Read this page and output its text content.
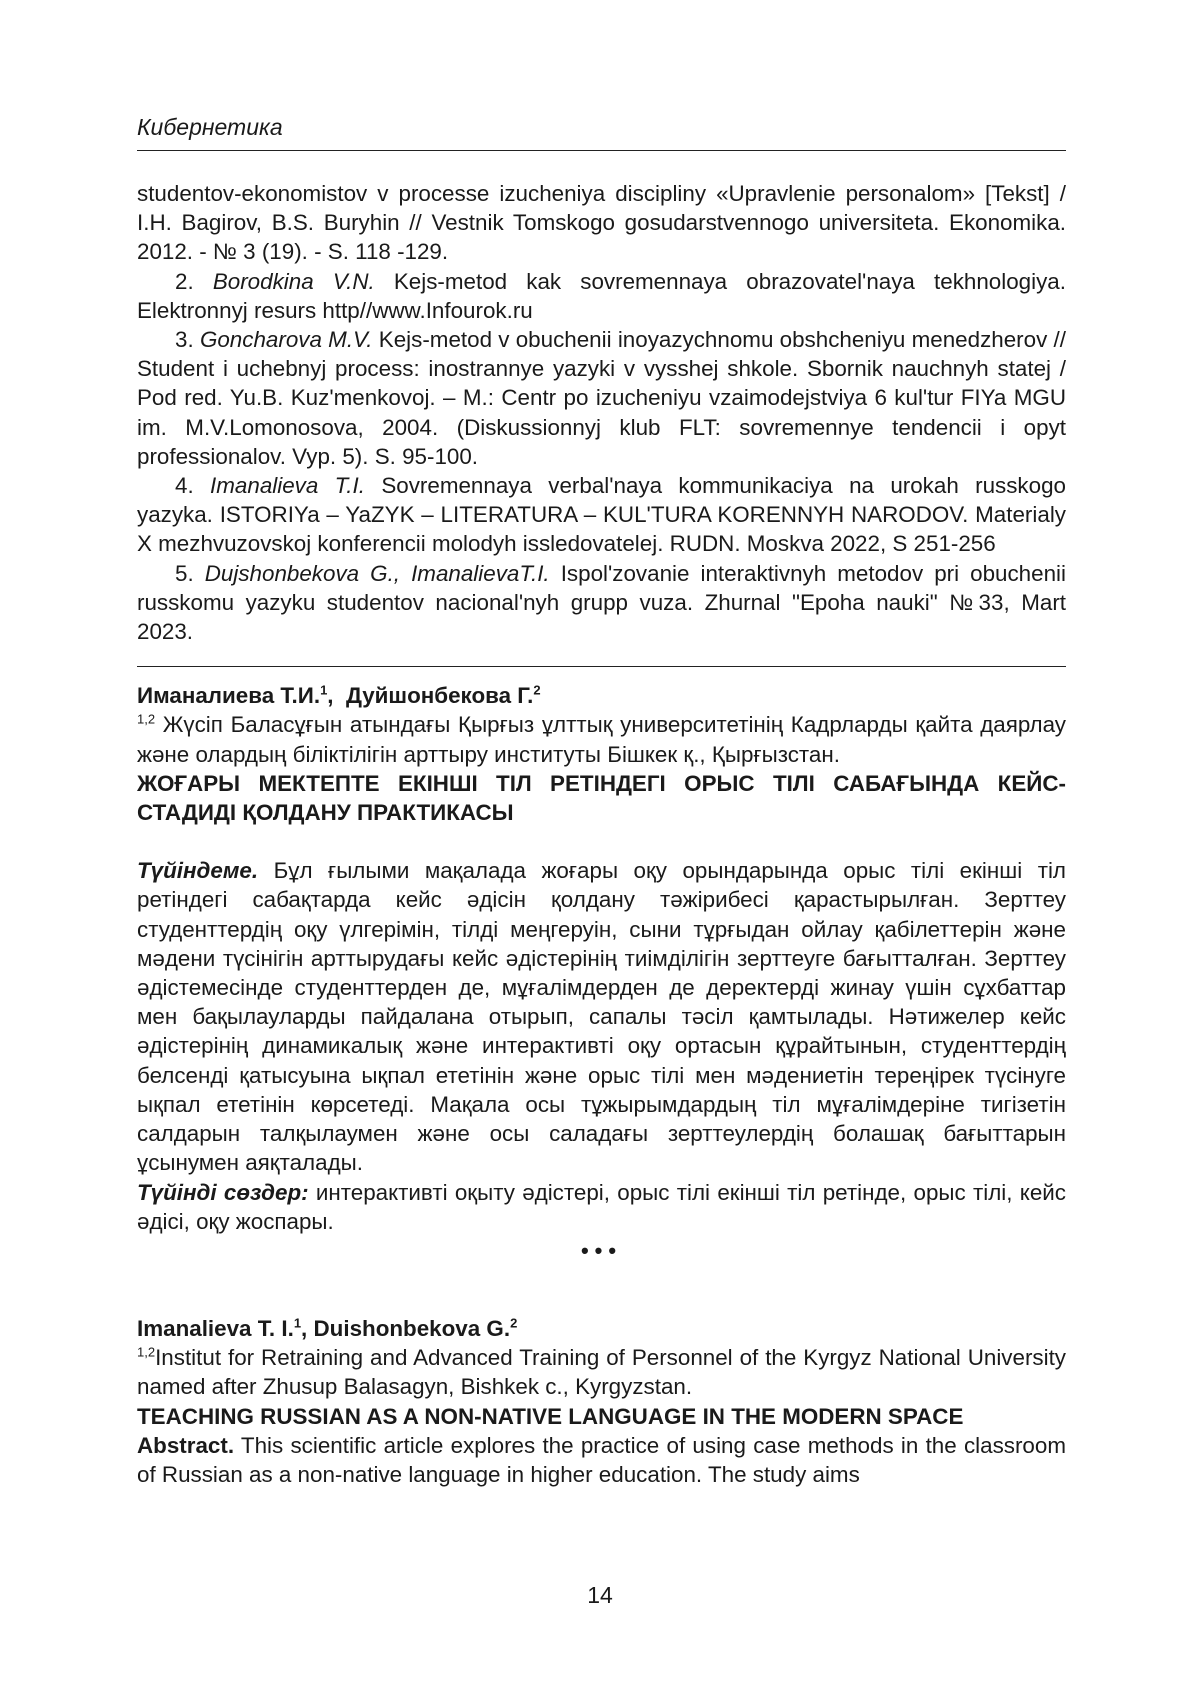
Кибернетика

studentov-ekonomistov v processe izucheniya discipliny «Upravlenie personalom» [Tekst] / I.H. Bagirov, B.S. Buryhin // Vestnik Tomskogo gosudarstvennogo universiteta. Ekonomika. 2012. - № 3 (19). - S. 118 -129.

2. Borodkina V.N. Kejs-metod kak sovremennaya obrazovatel'naya tekhnologiya. Elektronnyj resurs http//www.Infourok.ru

3. Goncharova M.V. Kejs-metod v obuchenii inoyazychnomu obshcheniyu menedzherov // Student i uchebnyj process: inostrannye yazyki v vysshej shkole. Sbornik nauchnyh statej / Pod red. Yu.B. Kuz'menkovoj. – M.: Centr po izucheniyu vzaimodejstviya 6 kul'tur FIYa MGU im. M.V.Lomonosova, 2004. (Diskussionnyj klub FLT: sovremennye tendencii i opyt professionalov. Vyp. 5). S. 95-100.

4. Imanalieva T.I. Sovremennaya verbal'naya kommunikaciya na urokah russkogo yazyka. ISTORIYa – YaZYK – LITERATURA – KUL'TURA KORENNYH NARODOV. Materialy X mezhvuzovskoj konferencii molodyh issledovatelej. RUDN. Moskva 2022, S 251-256

5. Dujshonbekova G., ImanalievaT.I. Ispol'zovanie interaktivnyh metodov pri obuchenii russkomu yazyku studentov nacional'nyh grupp vuza. Zhurnal "Epoha nauki" №33, Mart 2023.

Иманалиева Т.И.$^1$,  Дуйшонбекова Г.$^2$

$^{1,2}$ Жүсіп Баласұғын атындағы Қырғыз ұлттық университетінің Кадрларды қайта даярлау және олардың біліктілігін арттыру институты Бішкек қ., Қырғызстан.

ЖОҒАРЫ МЕКТЕПТЕ ЕКІНШІ ТІЛ РЕТІНДЕГІ ОРЫС ТІЛІ САБАҒЫНДА КЕЙС-СТАДИДІ ҚОЛДАНУ ПРАКТИКАСЫ

Түйіндеме. Бұл ғылыми мақалада жоғары оқу орындарында орыс тілі екінші тіл ретіндегі сабақтарда кейс әдісін қолдану тәжірибесі қарастырылған. Зерттеу студенттердің оқу үлгерімін, тілді меңгеруін, сыни тұрғыдан ойлау қабілеттерін және мәдени түсінігін арттырудағы кейс әдістерінің тиімділігін зерттеуге бағытталған. Зерттеу әдістемесінде студенттерден де, мұғалімдерден де деректерді жинау үшін сұхбаттар мен бақылауларды пайдалана отырып, сапалы тәсіл қамтылады. Нәтижелер кейс әдістерінің динамикалық және интерактивті оқу ортасын құрайтынын, студенттердің белсенді қатысуына ықпал ететінін және орыс тілі мен мәдениетін тереңірек түсінуге ықпал ететінін көрсетеді. Мақала осы тұжырымдардың тіл мұғалімдеріне тигізетін салдарын талқылаумен және осы саладағы зерттеулердің болашақ бағыттарын ұсынумен аяқталады.

Түйінді сөздер: интерактивті оқыту әдістері, орыс тілі екінші тіл ретінде, орыс тілі, кейс әдісі, оқу жоспары.

•••

Imanalieva T. I.$^1$, Duishonbekova G.$^2$

$^{1,2}$Institut for Retraining and Advanced Training of Personnel of the Kyrgyz National University named after Zhusup Balasagyn, Bishkek c., Kyrgyzstan.

TEACHING RUSSIAN AS A NON-NATIVE LANGUAGE IN THE MODERN SPACE

Abstract. This scientific article explores the practice of using case methods in the classroom of Russian as a non-native language in higher education. The study aims

14
